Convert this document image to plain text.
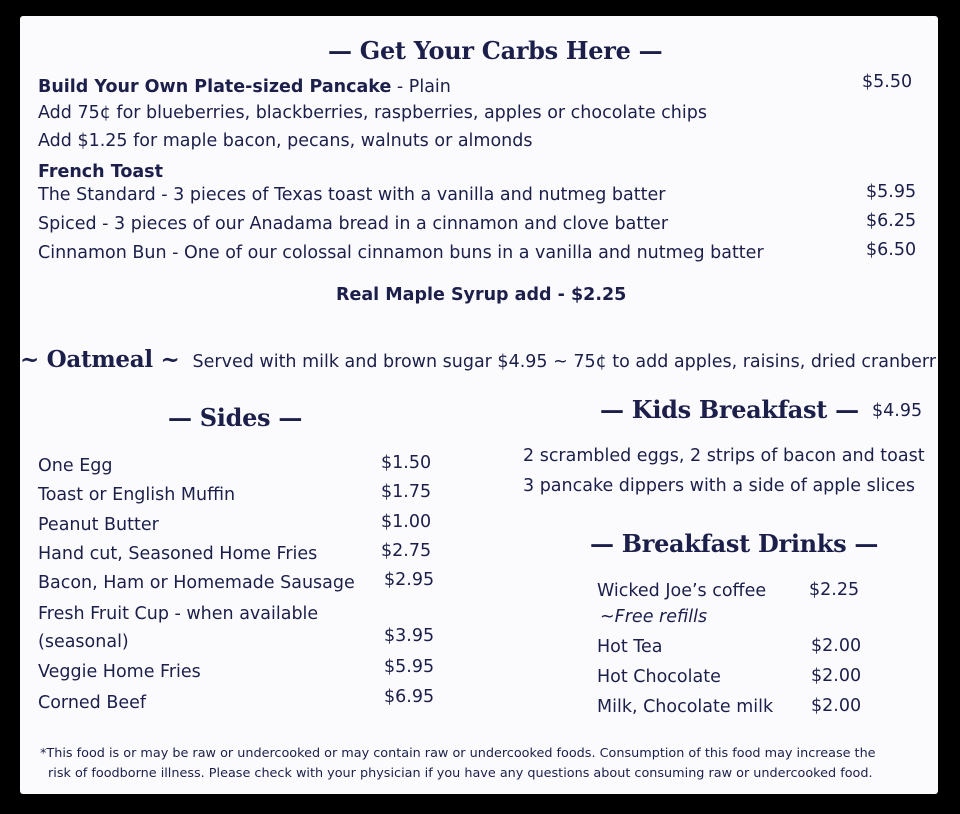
— Get Your Carbs Here —
Build Your Own Plate-sized Pancake - Plain	$5.50
Add 75¢ for blueberries, blackberries, raspberries, apples or chocolate chips
Add $1.25 for maple bacon, pecans, walnuts or almonds
French Toast
The Standard - 3 pieces of Texas toast with a vanilla and nutmeg batter	$5.95
Spiced - 3 pieces of our Anadama bread in a cinnamon and clove batter	$6.25
Cinnamon Bun - One of our colossal cinnamon buns in a vanilla and nutmeg batter	$6.50
Real Maple Syrup add - $2.25
~ Oatmeal ~ Served with milk and brown sugar $4.95 ~ 75¢ to add apples, raisins, dried cranberr
— Sides —
One Egg	$1.50
Toast or English Muffin	$1.75
Peanut Butter	$1.00
Hand cut, Seasoned Home Fries	$2.75
Bacon, Ham or Homemade Sausage $2.95
Fresh Fruit Cup - when available
(seasonal)	$3.95
Veggie Home Fries	$5.95
Corned Beef	$6.95
— Kids Breakfast — $4.95
2 scrambled eggs, 2 strips of bacon and toast
3 pancake dippers with a side of apple slices
— Breakfast Drinks —
Wicked Joe’s coffee $2.25
~Free refills
Hot Tea	$2.00
Hot Chocolate	$2.00
Milk, Chocolate milk $2.00
*This food is or may be raw or undercooked or may contain raw or undercooked foods. Consumption of this food may increase the
risk of foodborne illness. Please check with your physician if you have any questions about consuming raw or undercooked food.
